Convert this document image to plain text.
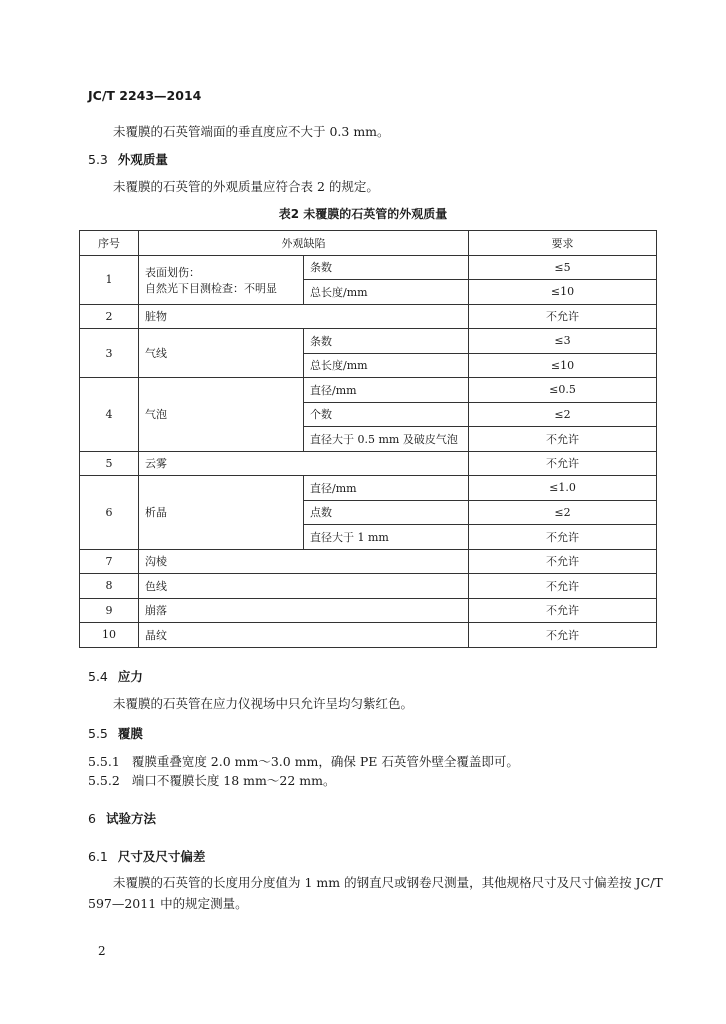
JC/T 2243—2014
未覆膜的石英管端面的垂直度应不大于 0.3 mm。
5.3 外观质量
未覆膜的石英管的外观质量应符合表 2 的规定。
表2 未覆膜的石英管的外观质量
序号	外观缺陷		要求
1	表面划伤：
自然光下目测检查：不明显	条数	≤5
		总长度/mm	≤10
2	脏物		不允许
3	气线	条数	≤3
		总长度/mm	≤10
4	气泡	直径/mm	≤0.5
		个数	≤2
		直径大于 0.5 mm 及破皮气泡	不允许
5	云雾		不允许
6	析晶	直径/mm	≤1.0
		点数	≤2
		直径大于 1 mm	不允许
7	沟棱		不允许
8	色线		不允许
9	崩落		不允许
10	晶纹		不允许
5.4 应力
未覆膜的石英管在应力仪视场中只允许呈均匀紫红色。
5.5 覆膜
5.5.1 覆膜重叠宽度 2.0 mm～3.0 mm，确保 PE 石英管外壁全覆盖即可。
5.5.2 端口不覆膜长度 18 mm～22 mm。
6 试验方法
6.1 尺寸及尺寸偏差
未覆膜的石英管的长度用分度值为 1 mm 的钢直尺或钢卷尺测量，其他规格尺寸及尺寸偏差按 JC/T 597—2011 中的规定测量。
2
